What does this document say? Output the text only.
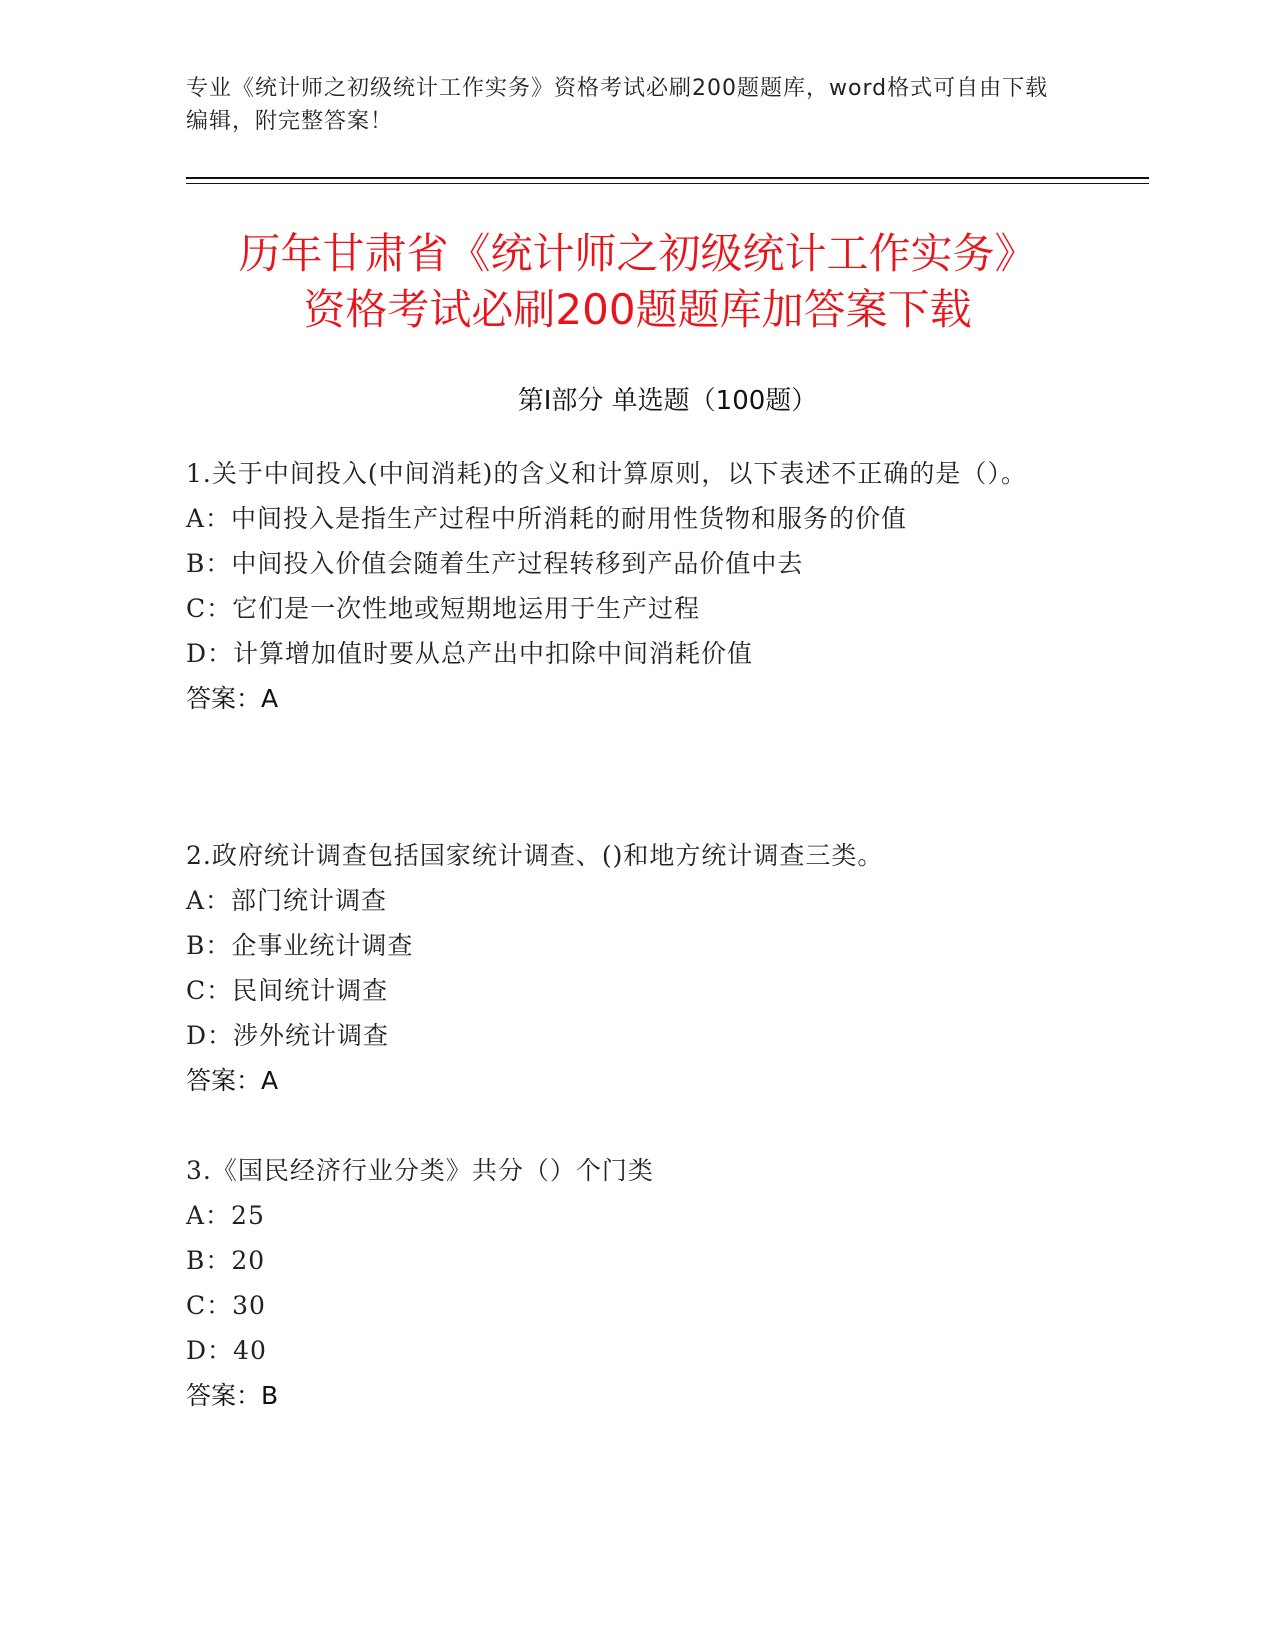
专业《统计师之初级统计工作实务》资格考试必刷200题题库，word格式可自由下载编辑，附完整答案！
历年甘肃省《统计师之初级统计工作实务》
资格考试必刷200题题库加答案下载
第Ⅰ部分 单选题（100题）
1.关于中间投入(中间消耗)的含义和计算原则，以下表述不正确的是（）。
A：中间投入是指生产过程中所消耗的耐用性货物和服务的价值
B：中间投入价值会随着生产过程转移到产品价值中去
C：它们是一次性地或短期地运用于生产过程
D：计算增加值时要从总产出中扣除中间消耗价值
答案：A
2.政府统计调查包括国家统计调查、()和地方统计调查三类。
A：部门统计调查
B：企事业统计调查
C：民间统计调查
D：涉外统计调查
答案：A
3.《国民经济行业分类》共分（）个门类
A：25
B：20
C：30
D：40
答案：B
